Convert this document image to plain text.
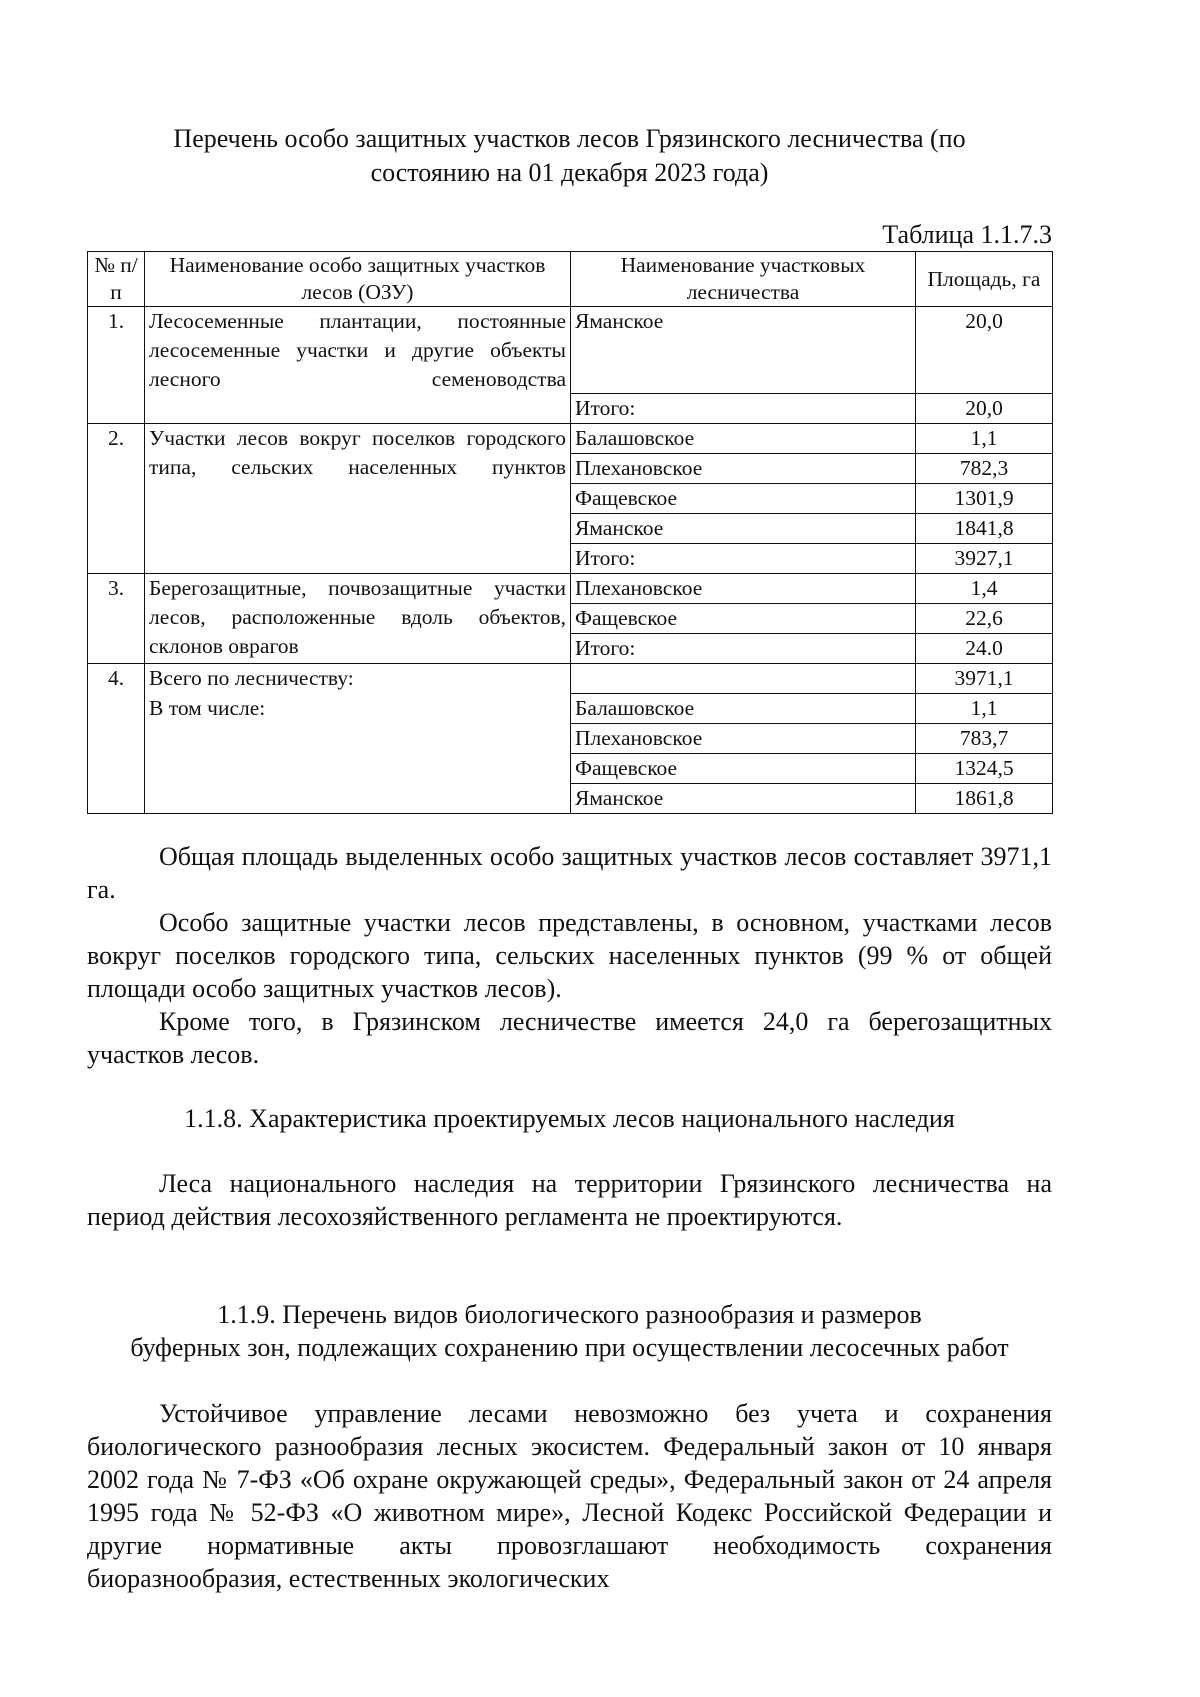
Перечень особо защитных участков лесов Грязинского лесничества (по
состоянию на 01 декабря 2023 года)
Таблица 1.1.7.3
№ п/п	Наименование особо защитных участков лесов (ОЗУ)	Наименование участковых лесничества	Площадь, га
1.	Лесосеменные плантации, постоянные лесосеменные участки и другие объекты лесного семеноводства	Яманское	20,0
		Итого:	20,0
2.	Участки лесов вокруг поселков городского типа, сельских населенных пунктов	Балашовское	1,1
		Плехановское	782,3
		Фащевское	1301,9
		Яманское	1841,8
		Итого:	3927,1
3.	Берегозащитные, почвозащитные участки лесов, расположенные вдоль объектов, склонов оврагов	Плехановское	1,4
		Фащевское	22,6
		Итого:	24.0
4.	Всего по лесничеству:		3971,1
	В том числе:	Балашовское	1,1
		Плехановское	783,7
		Фащевское	1324,5
		Яманское	1861,8

Общая площадь выделенных особо защитных участков лесов составляет 3971,1 га.

Особо защитные участки лесов представлены, в основном, участками лесов вокруг поселков городского типа, сельских населенных пунктов (99 % от общей площади особо защитных участков лесов).

Кроме того, в Грязинском лесничестве имеется 24,0 га берегозащитных участков лесов.

1.1.8. Характеристика проектируемых лесов национального наследия

Леса национального наследия на территории Грязинского лесничества на период действия лесохозяйственного регламента не проектируются.

1.1.9. Перечень видов биологического разнообразия и размеров
буферных зон, подлежащих сохранению при осуществлении лесосечных работ

Устойчивое управление лесами невозможно без учета и сохранения биологического разнообразия лесных экосистем. Федеральный закон от 10 января 2002 года № 7-ФЗ «Об охране окружающей среды», Федеральный закон от 24 апреля 1995 года № 52-ФЗ «О животном мире», Лесной Кодекс Российской Федерации и другие нормативные акты провозглашают необходимость сохранения биоразнообразия, естественных экологических
